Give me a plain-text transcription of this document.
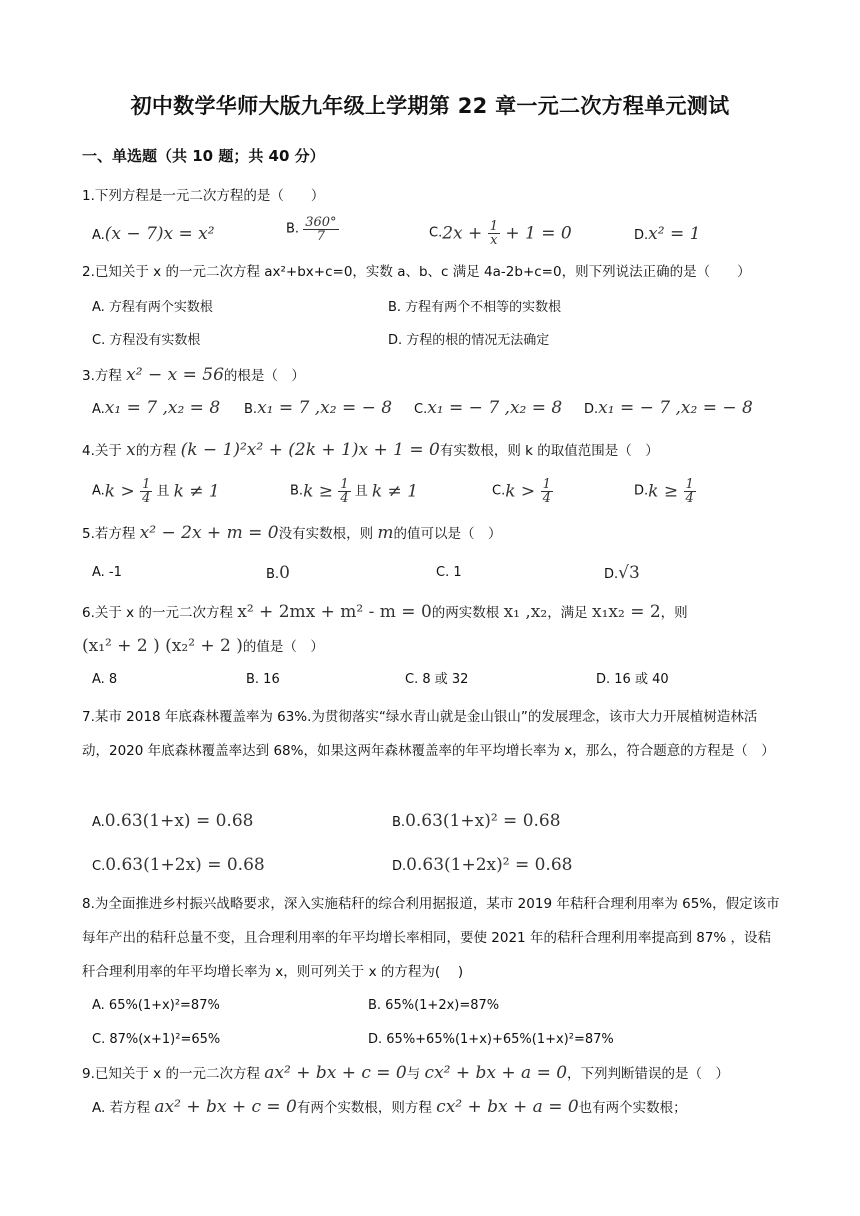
初中数学华师大版九年级上学期第 22 章一元二次方程单元测试
一、单选题（共 10 题；共 40 分）
1.下列方程是一元二次方程的是（　　）
A.(x − 7)x = x²	B. $\frac{360^\circ}{7}$	$C.2x + \frac{1}{x} + 1 = 0$	D.x² = 1
2.已知关于 x 的一元二次方程 ax²+bx+c=0，实数 a、b、c 满足 4a-2b+c=0，则下列说法正确的是（　　）
A. 方程有两个实数根	B. 方程有两个不相等的实数根
C. 方程没有实数根	D. 方程的根的情况无法确定
3.方程 x² − x = 56的根是（　）
A.x₁ = 7 ,x₂ = 8 B.x₁ = 7 ,x₂ = − 8 C.x₁ = − 7 ,x₂ = 8 D.x₁ = − 7 ,x₂ = − 8
4.关于 x的方程 (k − 1)²x² + (2k + 1)x + 1 = 0有实数根，则 k 的取值范围是（　）
$A.k > \frac{1}{4}$ 且 k ≠ 1	$B.k \ge \frac{1}{4}$ 且 k ≠ 1	$C.k > \frac{1}{4}$	$D.k \ge \frac{1}{4}$
5.若方程 x² − 2x + m = 0没有实数根，则 m的值可以是（　）
A. -1	B.0	C. 1	D.√3
6.关于 x 的一元二次方程 x² + 2mx + m² - m = 0的两实数根 x₁ ,x₂，满足 x₁x₂ = 2，则
(x₁² + 2 ) (x₂² + 2 )的值是（　）
A. 8	B. 16	C. 8 或 32	D. 16 或 40
7.某市 2018 年底森林覆盖率为 63%.为贯彻落实“绿水青山就是金山银山”的发展理念，该市大力开展植树造林活动，2020 年底森林覆盖率达到 68%，如果这两年森林覆盖率的年平均增长率为 x，那么，符合题意的方程是（　）
A.0.63(1+x) = 0.68	B.0.63(1+x)² = 0.68
C.0.63(1+2x) = 0.68	D.0.63(1+2x)² = 0.68
8.为全面推进乡村振兴战略要求，深入实施秸秆的综合利用据报道，某市 2019 年秸秆合理利用率为 65%，假定该市每年产出的秸秆总量不变，且合理利用率的年平均增长率相同，要使 2021 年的秸秆合理利用率提高到 87% ，设秸秆合理利用率的年平均增长率为 x，则可列关于 x 的方程为(　 )
A. 65%(1+x)²=87%	B. 65%(1+2x)=87%
C. 87%(x+1)²=65%	D. 65%+65%(1+x)+65%(1+x)²=87%
9.已知关于 x 的一元二次方程 ax² + bx + c = 0与 cx² + bx + a = 0，下列判断错误的是（　）
A. 若方程 ax² + bx + c = 0有两个实数根，则方程 cx² + bx + a = 0也有两个实数根；
